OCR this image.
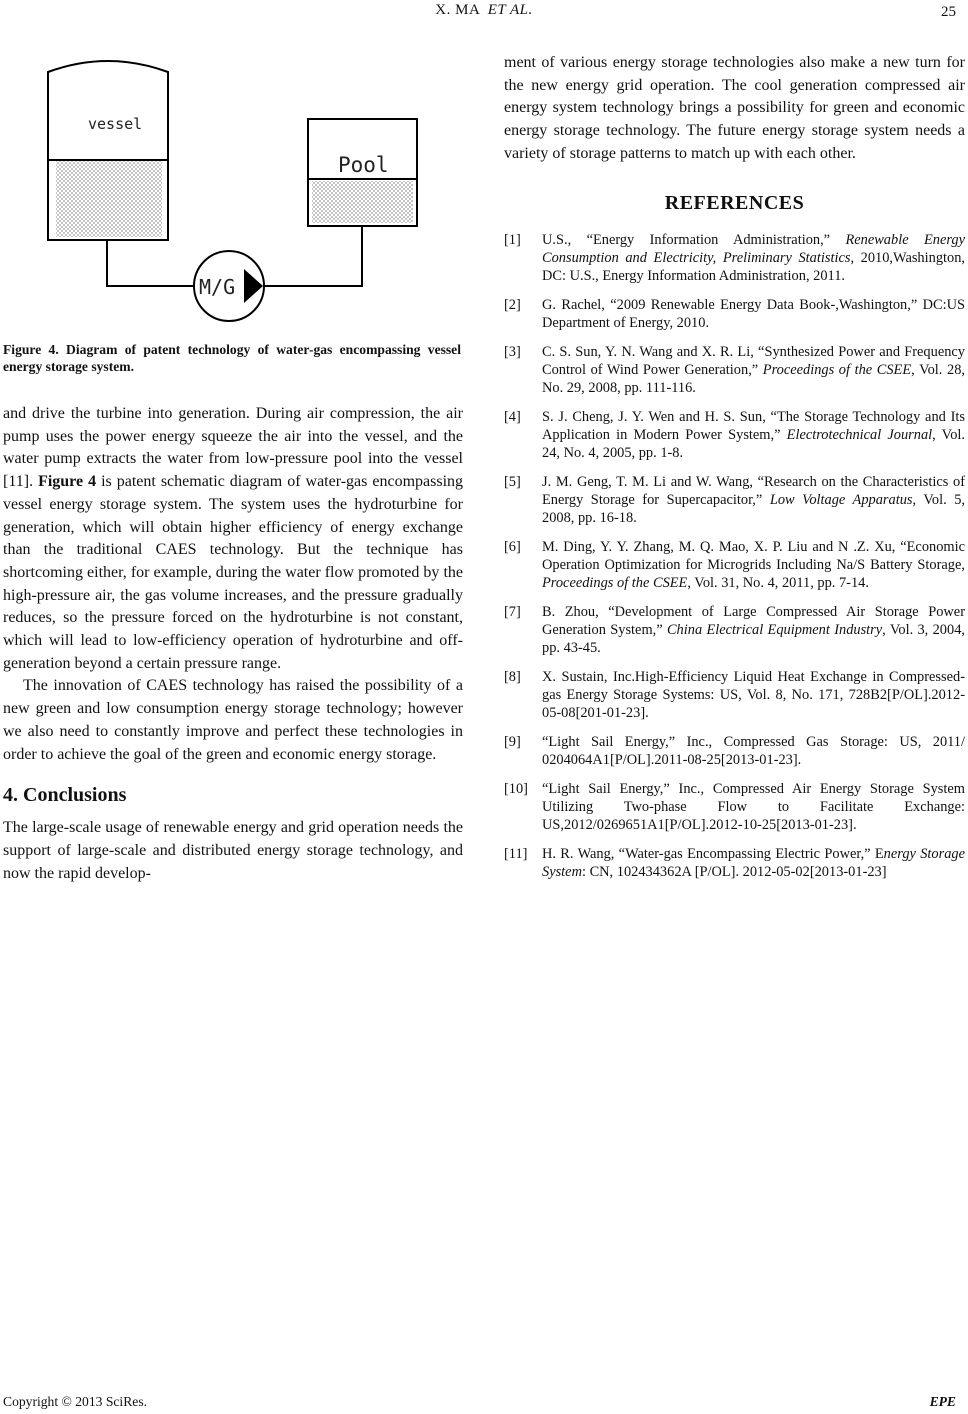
X. MA ET AL.	25
vessel
Pool
M/G
Figure 4. Diagram of patent technology of water-gas encompassing vessel energy storage system.

and drive the turbine into generation. During air compression, the air pump uses the power energy squeeze the air into the vessel, and the water pump extracts the water from low-pressure pool into the vessel [11]. Figure 4 is patent schematic diagram of water-gas encompassing vessel energy storage system. The system uses the hydroturbine for generation, which will obtain higher efficiency of energy exchange than the traditional CAES technology. But the technique has shortcoming either, for example, during the water flow promoted by the high-pressure air, the gas volume increases, and the pressure gradually reduces, so the pressure forced on the hydroturbine is not constant, which will lead to low-efficiency operation of hydroturbine and off-generation beyond a certain pressure range.

The innovation of CAES technology has raised the possibility of a new green and low consumption energy storage technology; however we also need to constantly improve and perfect these technologies in order to achieve the goal of the green and economic energy storage.

4. Conclusions

The large-scale usage of renewable energy and grid operation needs the support of large-scale and distributed energy storage technology, and now the rapid develop-

ment of various energy storage technologies also make a new turn for the new energy grid operation. The cool generation compressed air energy system technology brings a possibility for green and economic energy storage technology. The future energy storage system needs a variety of storage patterns to match up with each other.

REFERENCES
[1] U.S., “Energy Information Administration,” Renewable Energy Consumption and Electricity, Preliminary Statistics, 2010,Washington, DC: U.S., Energy Information Administration, 2011.
[2] G. Rachel, “2009 Renewable Energy Data Book-,Washington,” DC:US Department of Energy, 2010.
[3] C. S. Sun, Y. N. Wang and X. R. Li, “Synthesized Power and Frequency Control of Wind Power Generation,” Proceedings of the CSEE, Vol. 28, No. 29, 2008, pp. 111-116.
[4] S. J. Cheng, J. Y. Wen and H. S. Sun, “The Storage Technology and Its Application in Modern Power System,” Electrotechnical Journal, Vol. 24, No. 4, 2005, pp. 1-8.
[5] J. M. Geng, T. M. Li and W. Wang, “Research on the Characteristics of Energy Storage for Supercapacitor,” Low Voltage Apparatus, Vol. 5, 2008, pp. 16-18.
[6] M. Ding, Y. Y. Zhang, M. Q. Mao, X. P. Liu and N .Z. Xu, “Economic Operation Optimization for Microgrids Including Na/S Battery Storage, Proceedings of the CSEE, Vol. 31, No. 4, 2011, pp. 7-14.
[7] B. Zhou, “Development of Large Compressed Air Storage Power Generation System,” China Electrical Equipment Industry, Vol. 3, 2004, pp. 43-45.
[8] X. Sustain, Inc.High-Efficiency Liquid Heat Exchange in Compressed-gas Energy Storage Systems: US, Vol. 8, No. 171, 728B2[P/OL].2012-05-08[201-01-23].
[9] “Light Sail Energy,” Inc., Compressed Gas Storage: US, 2011/ 0204064A1[P/OL].2011-08-25[2013-01-23].
[10] “Light Sail Energy,” Inc., Compressed Air Energy Storage System Utilizing Two-phase Flow to Facilitate Exchange: US,2012/0269651A1[P/OL].2012-10-25[2013-01-23].
[11] H. R. Wang, “Water-gas Encompassing Electric Power,” Energy Storage System: CN, 102434362A [P/OL]. 2012-05-02[2013-01-23]
Copyright © 2013 SciRes.	EPE
